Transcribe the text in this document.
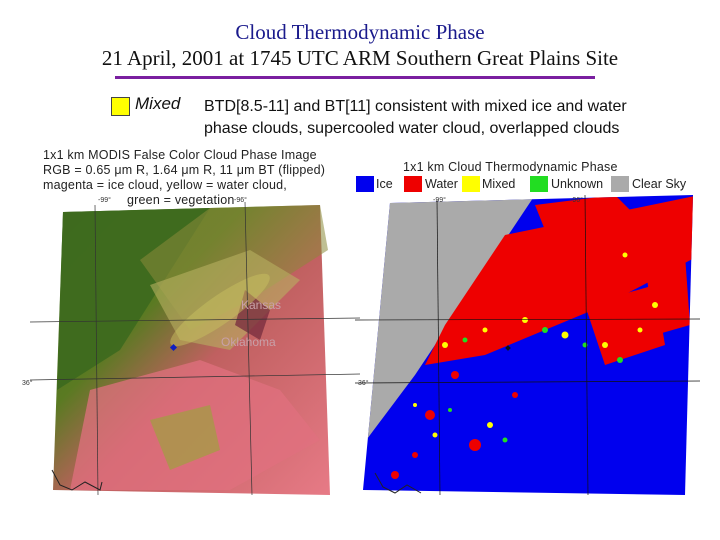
Cloud Thermodynamic Phase
21 April, 2001 at 1745 UTC ARM Southern Great Plains Site
Mixed BTD[8.5-11] and BT[11] consistent with mixed ice and water
phase clouds, supercooled water cloud, overlapped clouds
1x1 km MODIS False Color Cloud Phase Image
RGB = 0.65 μm R, 1.64 μm R, 11 μm BT (flipped)
magenta = ice cloud, yellow = water cloud,
green = vegetation
-99°	-96°
36°
Kansas
Oklahoma
1x1 km Cloud Thermodynamic Phase
Ice	Water Mixed	Unknown Clear Sky
-99°	-96°
36°
